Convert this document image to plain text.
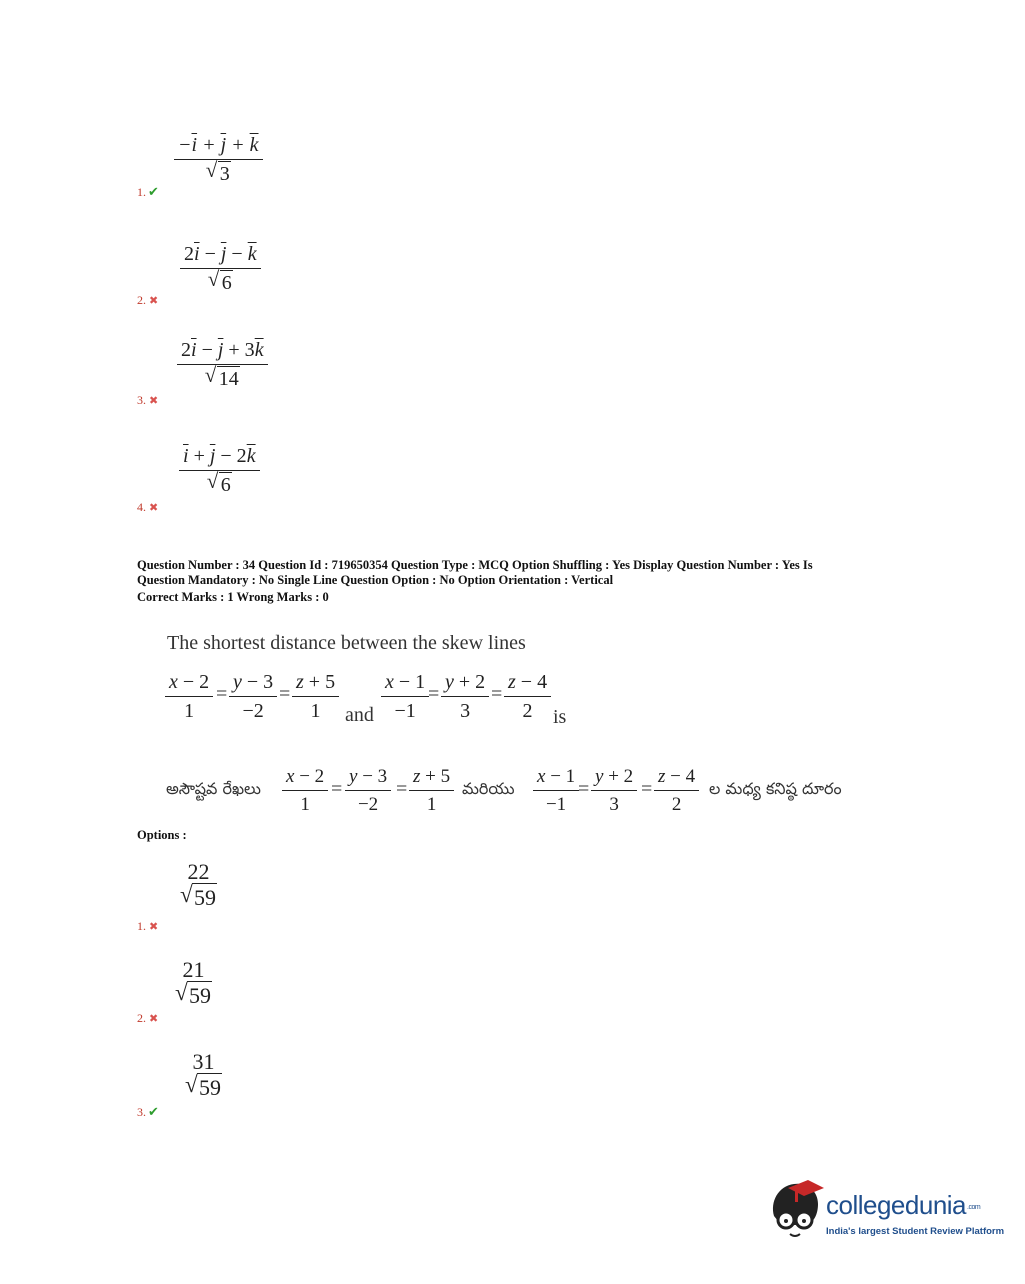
$\frac{-\overline{i} + \overline{j} + \overline{k}}{√ 3}$
1. ✔
$\frac{2\overline{i} - \overline{j} - \overline{k}}{√ 6}$
2. ✖
$\frac{2\overline{i} - \overline{j} + 3\overline{k}}{√ 14}$
3. ✖
$\frac{\overline{i} + \overline{j} - 2\overline{k}}{√ 6}$
4. ✖
Question Number : 34 Question Id : 719650354 Question Type : MCQ Option Shuffling : Yes Display Question Number : Yes Is
Question Mandatory : No Single Line Question Option : No Option Orientation : Vertical
Correct Marks : 1 Wrong Marks : 0
The shortest distance between the skew lines
$\frac{x - 2}{1} = \frac{y - 3}{-2} = \frac{z + 5}{1}$ and $\frac{x - 1}{-1}$
= $\frac{y + 2}{3} = \frac{z - 4}{2}$ is
అసౌష్టవ రేఖలు $\frac{x - 2}{1} = \frac{y - 3}{-2} = \frac{z + 5}{1}$ మరియు $\frac{x - 1}{-1}$
= $\frac{y + 2}{3} = \frac{z - 4}{2}$ ల మధ్య కనిష్ఠ దూరం
Options :
22
√ 59
1. ✖
21
√ 59
2. ✖
31
√ 59
3. ✔
collegedunia.com
India's largest Student Review Platform
